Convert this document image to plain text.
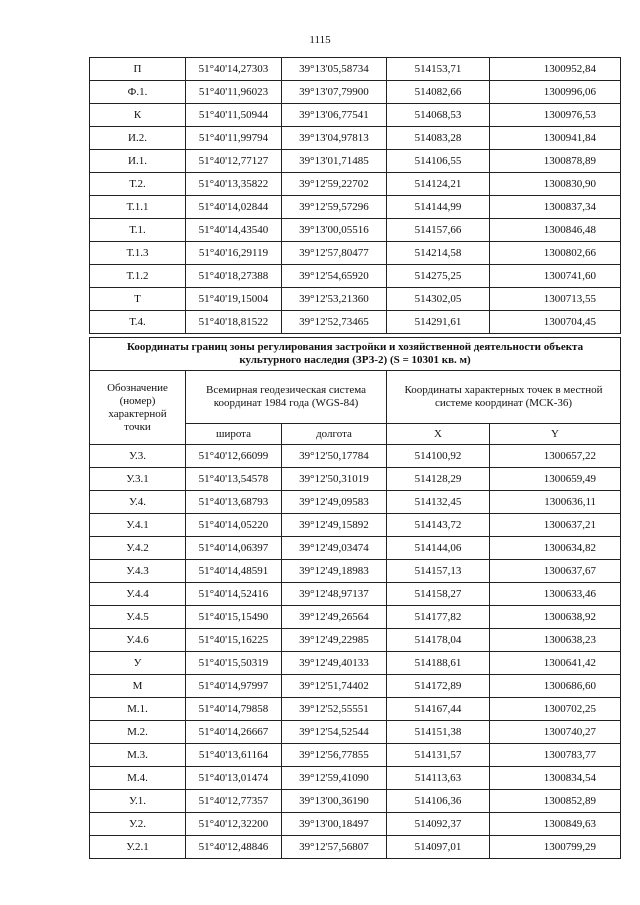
1115
П	51°40'14,27303	39°13'05,58734	514153,71	1300952,84
Ф.1.	51°40'11,96023	39°13'07,79900	514082,66	1300996,06
К	51°40'11,50944	39°13'06,77541	514068,53	1300976,53
И.2.	51°40'11,99794	39°13'04,97813	514083,28	1300941,84
И.1.	51°40'12,77127	39°13'01,71485	514106,55	1300878,89
Т.2.	51°40'13,35822	39°12'59,22702	514124,21	1300830,90
Т.1.1	51°40'14,02844	39°12'59,57296	514144,99	1300837,34
Т.1.	51°40'14,43540	39°13'00,05516	514157,66	1300846,48
Т.1.3	51°40'16,29119	39°12'57,80477	514214,58	1300802,66
Т.1.2	51°40'18,27388	39°12'54,65920	514275,25	1300741,60
Т	51°40'19,15004	39°12'53,21360	514302,05	1300713,55
Т.4.	51°40'18,81522	39°12'52,73465	514291,61	1300704,45
Координаты границ зоны регулирования застройки и хозяйственной деятельности объекта культурного наследия (ЗРЗ-2) (S = 10301 кв. м)				
Обозначение (номер) характерной точки	Всемирная геодезическая система координат 1984 года (WGS-84)		Координаты характерных точек в местной системе координат (МСК-36)	
	широта	долгота	X	Y
У.3.	51°40'12,66099	39°12'50,17784	514100,92	1300657,22
У.3.1	51°40'13,54578	39°12'50,31019	514128,29	1300659,49
У.4.	51°40'13,68793	39°12'49,09583	514132,45	1300636,11
У.4.1	51°40'14,05220	39°12'49,15892	514143,72	1300637,21
У.4.2	51°40'14,06397	39°12'49,03474	514144,06	1300634,82
У.4.3	51°40'14,48591	39°12'49,18983	514157,13	1300637,67
У.4.4	51°40'14,52416	39°12'48,97137	514158,27	1300633,46
У.4.5	51°40'15,15490	39°12'49,26564	514177,82	1300638,92
У.4.6	51°40'15,16225	39°12'49,22985	514178,04	1300638,23
У	51°40'15,50319	39°12'49,40133	514188,61	1300641,42
М	51°40'14,97997	39°12'51,74402	514172,89	1300686,60
М.1.	51°40'14,79858	39°12'52,55551	514167,44	1300702,25
М.2.	51°40'14,26667	39°12'54,52544	514151,38	1300740,27
М.3.	51°40'13,61164	39°12'56,77855	514131,57	1300783,77
М.4.	51°40'13,01474	39°12'59,41090	514113,63	1300834,54
У.1.	51°40'12,77357	39°13'00,36190	514106,36	1300852,89
У.2.	51°40'12,32200	39°13'00,18497	514092,37	1300849,63
У.2.1	51°40'12,48846	39°12'57,56807	514097,01	1300799,29
